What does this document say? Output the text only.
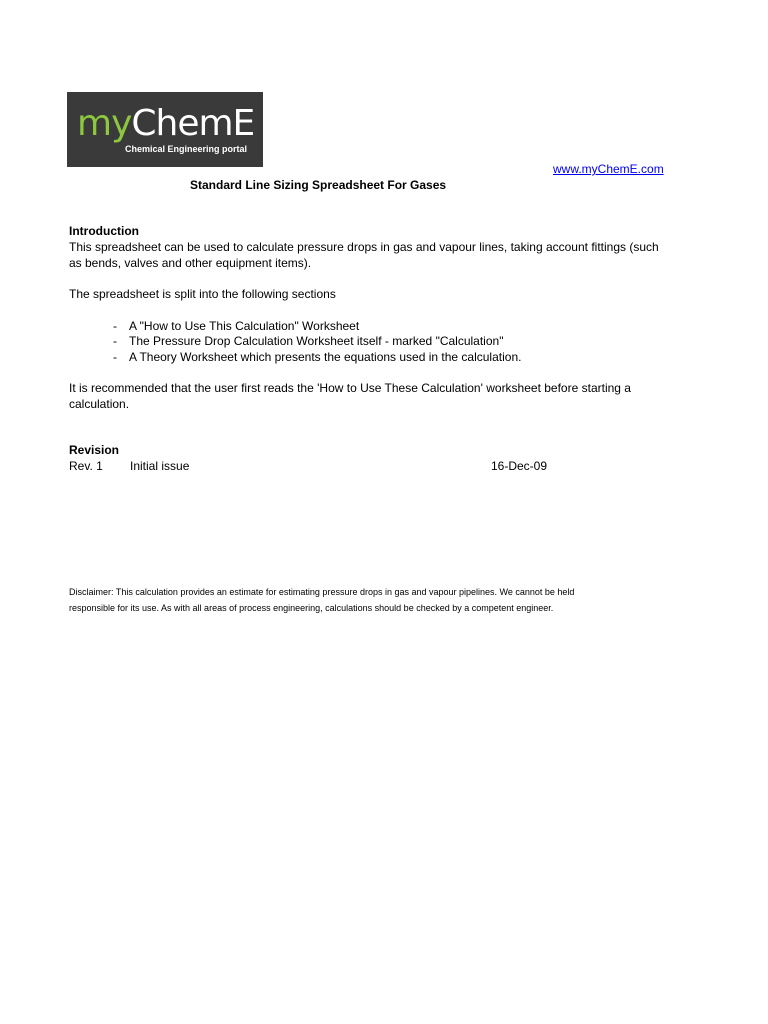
myChemE
Chemical Engineering portal
www.myChemE.com
Standard Line Sizing Spreadsheet For Gases
Introduction
This spreadsheet can be used to calculate pressure drops in gas and vapour lines, taking account fittings (such
as bends, valves and other equipment items).
The spreadsheet is split into the following sections
- A "How to Use This Calculation" Worksheet
- The Pressure Drop Calculation Worksheet itself - marked "Calculation"
- A Theory Worksheet which presents the equations used in the calculation.
It is recommended that the user first reads the 'How to Use These Calculation' worksheet before starting a
calculation.
Revision
Rev. 1 Initial issue	16-Dec-09
Disclaimer: This calculation provides an estimate for estimating pressure drops in gas and vapour pipelines. We cannot be held
responsible for its use. As with all areas of process engineering, calculations should be checked by a competent engineer.
